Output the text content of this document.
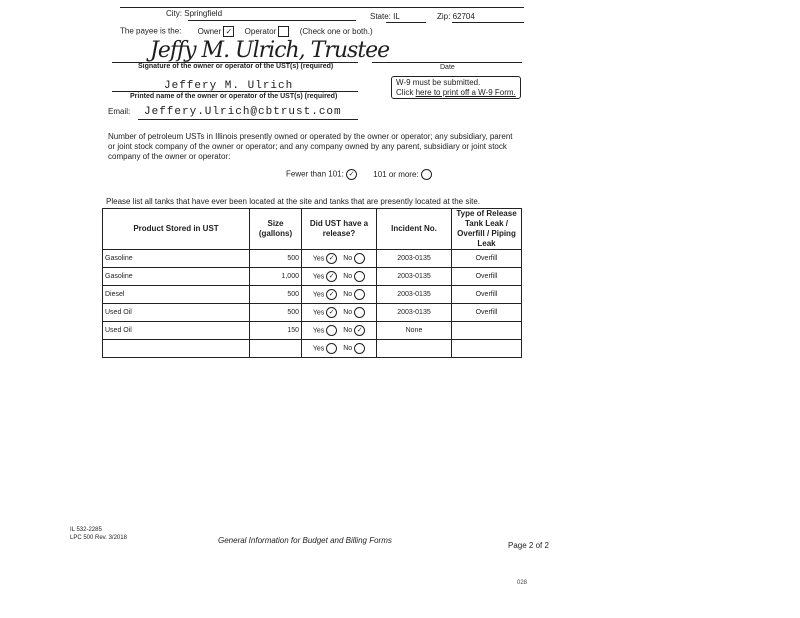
City: Springfield	State: IL	Zip: 62704
The payee is the: Owner ✓ Operator	(Check one or both.)
Jeffy M. Ulrich, Trustee
Signature of the owner or operator of the UST(s) (required)	Date
Jeffery M. Ulrich
Printed name of the owner or operator of the UST(s) (required)
W-9 must be submitted.
Click here to print off a W-9 Form.
Email: Jeffery.Ulrich@cbtrust.com
Number of petroleum USTs in Illinois presently owned or operated by the owner or operator; any subsidiary, parent or joint stock company of the owner or operator; and any company owned by any parent, subsidiary or joint stock company of the owner or operator:
Fewer than 101: ✓ 101 or more:
Please list all tanks that have ever been located at the site and tanks that are presently located at the site.
Product Stored in UST	Size (gallons)	Did UST have a release?	Incident No.	Type of Release Tank Leak / Overfill / Piping Leak
Gasoline	500	Yes ✓ No	2003-0135	Overfill
Gasoline	1,000	Yes ✓ No	2003-0135	Overfill
Diesel	500	Yes ✓ No	2003-0135	Overfill
Used Oil	500	Yes ✓ No	2003-0135	Overfill
Used Oil	150	Yes No ✓	None	
		Yes No		
IL 532-2285
LPC 500 Rev. 3/2018	General Information for Budget and Billing Forms
Page 2 of 2
028
